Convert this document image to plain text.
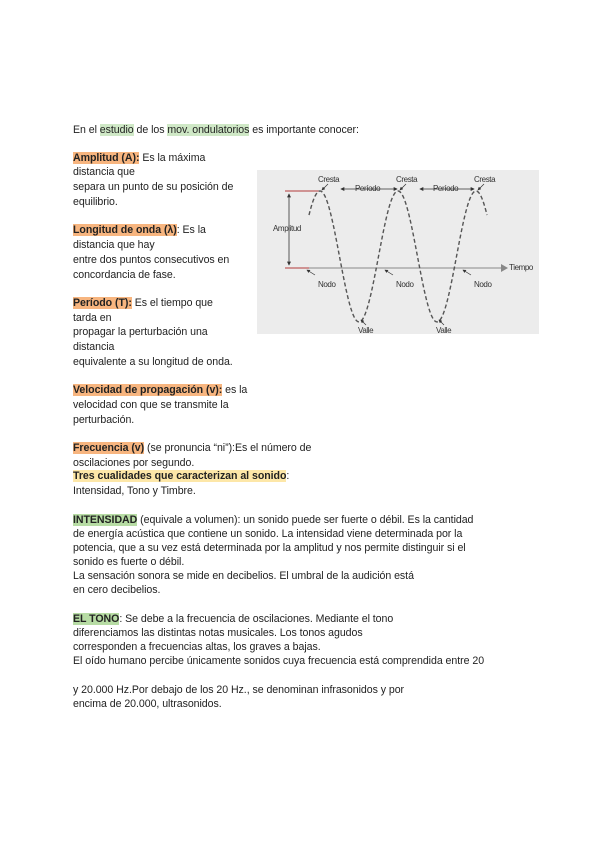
En el estudio de los mov. ondulatorios es importante conocer:
Amplitud (A): Es la máxima
distancia que
separa un punto de su posición de
equilibrio.
Longitud de onda (λ): Es la
distancia que hay
entre dos puntos consecutivos en
concordancia de fase.
Período (T): Es el tiempo que
tarda en
propagar la perturbación una
distancia
equivalente a su longitud de onda.
Velocidad de propagación (v): es la
velocidad con que se transmite la
perturbación.
Frecuencia (v) (se pronuncia “ni”):Es el número de
oscilaciones por segundo.
Tres cualidades que caracterizan al sonido:
Intensidad, Tono y Timbre.
INTENSIDAD (equivale a volumen): un sonido puede ser fuerte o débil. Es la cantidad
de energía acústica que contiene un sonido. La intensidad viene determinada por la
potencia, que a su vez está determinada por la amplitud y nos permite distinguir si el
sonido es fuerte o débil.
La sensación sonora se mide en decibelios. El umbral de la audición está
en cero decibelios.
EL TONO: Se debe a la frecuencia de oscilaciones. Mediante el tono
diferenciamos las distintas notas musicales. Los tonos agudos
corresponden a frecuencias altas, los graves a bajas.
El oído humano percibe únicamente sonidos cuya frecuencia está comprendida entre 20
y 20.000 Hz.Por debajo de los 20 Hz., se denominan infrasonidos y por
encima de 20.000, ultrasonidos.
Cresta	Cresta	Cresta
Período	Período
Amplitud
Tiempo
Nodo	Nodo	Nodo
Valle	Valle
